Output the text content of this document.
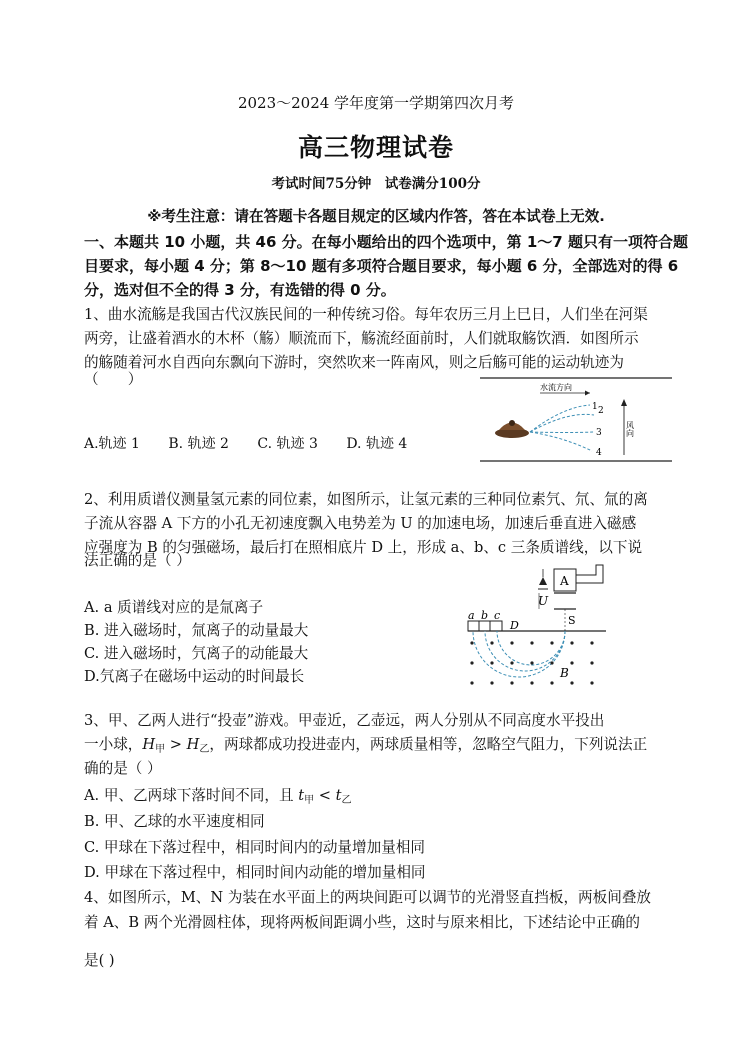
2023～2024 学年度第一学期第四次月考
高三物理试卷
考试时间75分钟　试卷满分100分
※考生注意：请在答题卡各题目规定的区域内作答，答在本试卷上无效.
一、本题共 10 小题，共 46 分。在每小题给出的四个选项中，第 1～7 题只有一项符合题
目要求，每小题 4 分；第 8～10 题有多项符合题目要求，每小题 6 分，全部选对的得 6
分，选对但不全的得 3 分，有选错的得 0 分。
1、曲水流觞是我国古代汉族民间的一种传统习俗。每年农历三月上巳日，人们坐在河渠
两旁，让盛着酒水的木杯（觞）顺流而下，觞流经面前时，人们就取觞饮酒．如图所示
的觞随着河水自西向东飘向下游时，突然吹来一阵南风，则之后觞可能的运动轨迹为
（　　）
A.轨迹 1 B. 轨迹 2 C. 轨迹 3 D. 轨迹 4
水流方向
1 2
3
4
风向
2、利用质谱仪测量氢元素的同位素，如图所示，让氢元素的三种同位素氕、氘、氚的离
子流从容器 A 下方的小孔无初速度飘入电势差为 U 的加速电场，加速后垂直进入磁感
应强度为 B 的匀强磁场，最后打在照相底片 D 上，形成 a、b、c 三条质谱线，以下说
法正确的是（ ）
A. a 质谱线对应的是氚离子
B. 进入磁场时，氚离子的动量最大
C. 进入磁场时，氕离子的动能最大
D.氕离子在磁场中运动的时间最长
A
U
S
a b c
D
B
3、甲、乙两人进行“投壶”游戏。甲壶近，乙壶远，两人分别从不同高度水平投出
一小球，$H_甲 > H_乙$，两球都成功投进壶内，两球质量相等，忽略空气阻力，下列说法正
确的是（ ）
A. 甲、乙两球下落时间不同，且 $t_甲 < t_乙$
B. 甲、乙球的水平速度相同
C. 甲球在下落过程中，相同时间内的动量增加量相同
D. 甲球在下落过程中，相同时间内动能的增加量相同
4、如图所示，M、N 为装在水平面上的两块间距可以调节的光滑竖直挡板，两板间叠放
着 A、B 两个光滑圆柱体，现将两板间距调小些，这时与原来相比，下述结论中正确的
是( )
